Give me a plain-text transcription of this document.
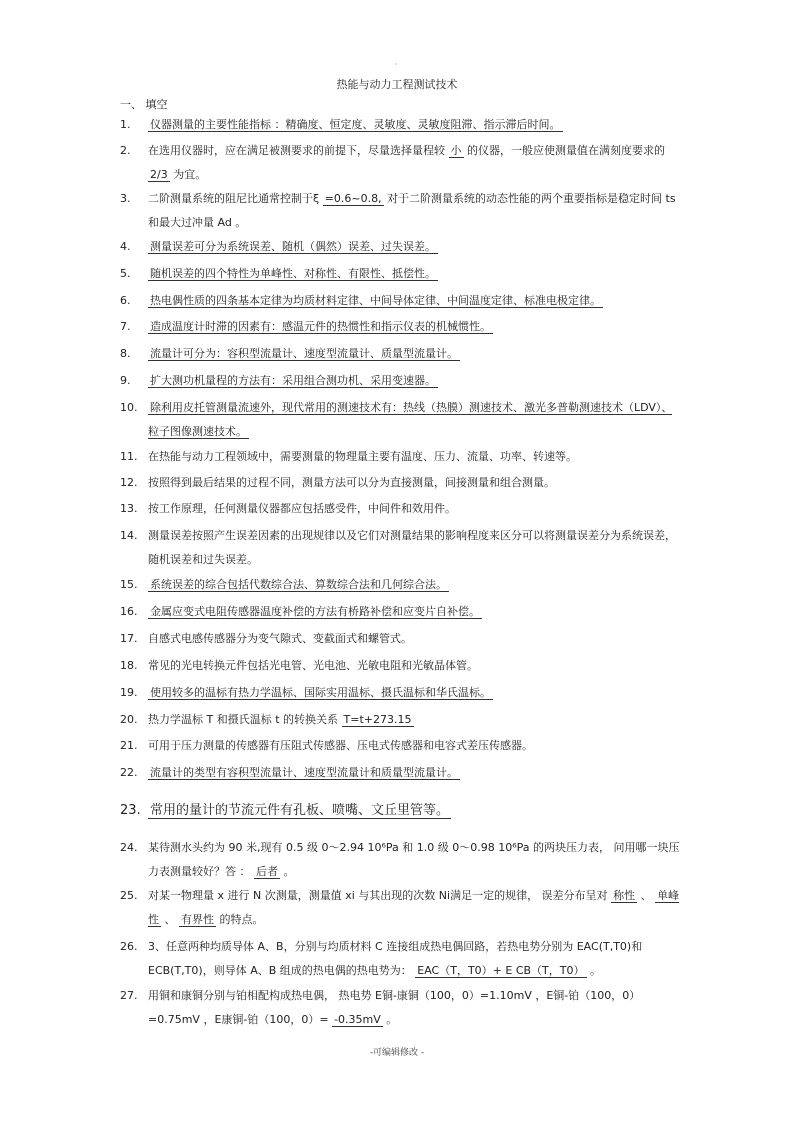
·
热能与动力工程测试技术
一、 填空
1. 仪器测量的主要性能指标 ：精确度、恒定度、灵敏度、灵敏度阻滞、指示滞后时间。
2. 在选用仪器时，应在满足被测要求的前提下，尽量选择量程较 小 的仪器，一般应使测量值在满刻度要求的 2/3 为宜。
3. 二阶测量系统的阻尼比通常控制于ξ =0.6~0.8, 对于二阶测量系统的动态性能的两个重要指标是稳定时间 ts和最大过冲量 Ad 。
4. 测量误差可分为系统误差、随机（偶然）误差、过失误差。
5. 随机误差的四个特性为单峰性、对称性、有限性、抵偿性。
6. 热电偶性质的四条基本定律为均质材料定律、中间导体定律、中间温度定律、标准电极定律。
7. 造成温度计时滞的因素有：感温元件的热惯性和指示仪表的机械惯性。
8. 流量计可分为：容积型流量计、速度型流量计、质量型流量计。
9. 扩大测功机量程的方法有：采用组合测功机、采用变速器。
10. 除利用皮托管测量流速外，现代常用的测速技术有：热线（热膜）测速技术、激光多普勒测速技术（LDV）、粒子图像测速技术。
11. 在热能与动力工程领域中，需要测量的物理量主要有温度、压力、流量、功率、转速等。
12. 按照得到最后结果的过程不同，测量方法可以分为直接测量，间接测量和组合测量。
13. 按工作原理，任何测量仪器都应包括感受件，中间件和效用件。
14. 测量误差按照产生误差因素的出现规律以及它们对测量结果的影响程度来区分可以将测量误差分为系统误差，随机误差和过失误差。
15. 系统误差的综合包括代数综合法、算数综合法和几何综合法。
16. 金属应变式电阻传感器温度补偿的方法有桥路补偿和应变片自补偿。
17. 自感式电感传感器分为变气隙式、变截面式和螺管式。
18. 常见的光电转换元件包括光电管、光电池、光敏电阻和光敏晶体管。
19. 使用较多的温标有热力学温标、国际实用温标、摄氏温标和华氏温标。
20. 热力学温标 T 和摄氏温标 t 的转换关系 T=t+273.15
21. 可用于压力测量的传感器有压阻式传感器、压电式传感器和电容式差压传感器。
22. 流量计的类型有容积型流量计、速度型流量计和质量型流量计。
23. 常用的量计的节流元件有孔板、喷嘴、文丘里管等。
24. 某待测水头约为 90 米,现有 0.5 级 0～2.94 10⁶Pa 和 1.0 级 0～0.98 10⁶Pa 的两块压力表， 问用哪一块压力表测量较好？答 ： 后者 。
25. 对某一物理量 x 进行 N 次测量，测量值 xi 与其出现的次数 Ni满足一定的规律， 误差分布呈对 称性 、 单峰性 、 有界性 的特点。
26. 3、任意两种均质导体 A、B，分别与均质材料 C 连接组成热电偶回路，若热电势分别为 EAC(T,T0)和 ECB(T,T0)，则导体 A、B 组成的热电偶的热电势为： EAC（T，T0）+ E CB（T，T0） 。
27. 用铜和康铜分别与铂相配构成热电偶， 热电势 E铜-康铜（100，0）=1.10mV ，E铜-铂（100，0）=0.75mV ，E康铜-铂（100，0）= -0.35mV 。
-可编辑修改 -
